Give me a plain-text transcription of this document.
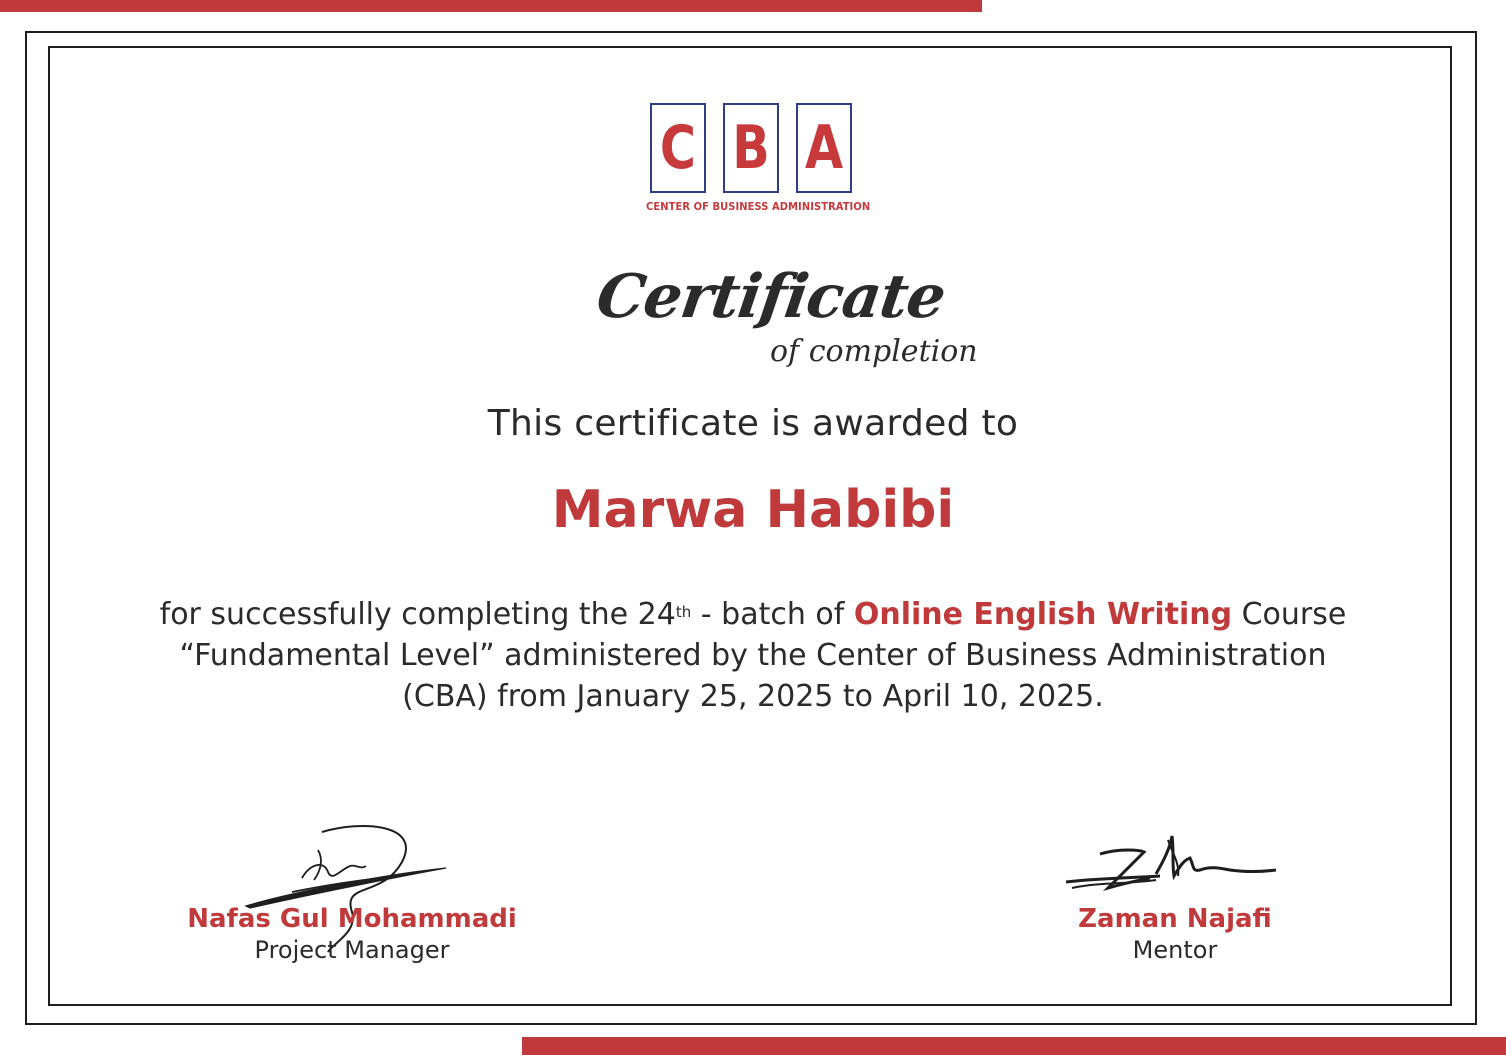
C B A
CENTER OF BUSINESS ADMINISTRATION
Certificate
of completion
This certificate is awarded to
Marwa Habibi
for successfully completing the 24th - batch of Online English Writing Course
“Fundamental Level” administered by the Center of Business Administration
(CBA) from January 25, 2025 to April 10, 2025.
Nafas Gul Mohammadi
Project Manager
Zaman Najafi
Mentor
